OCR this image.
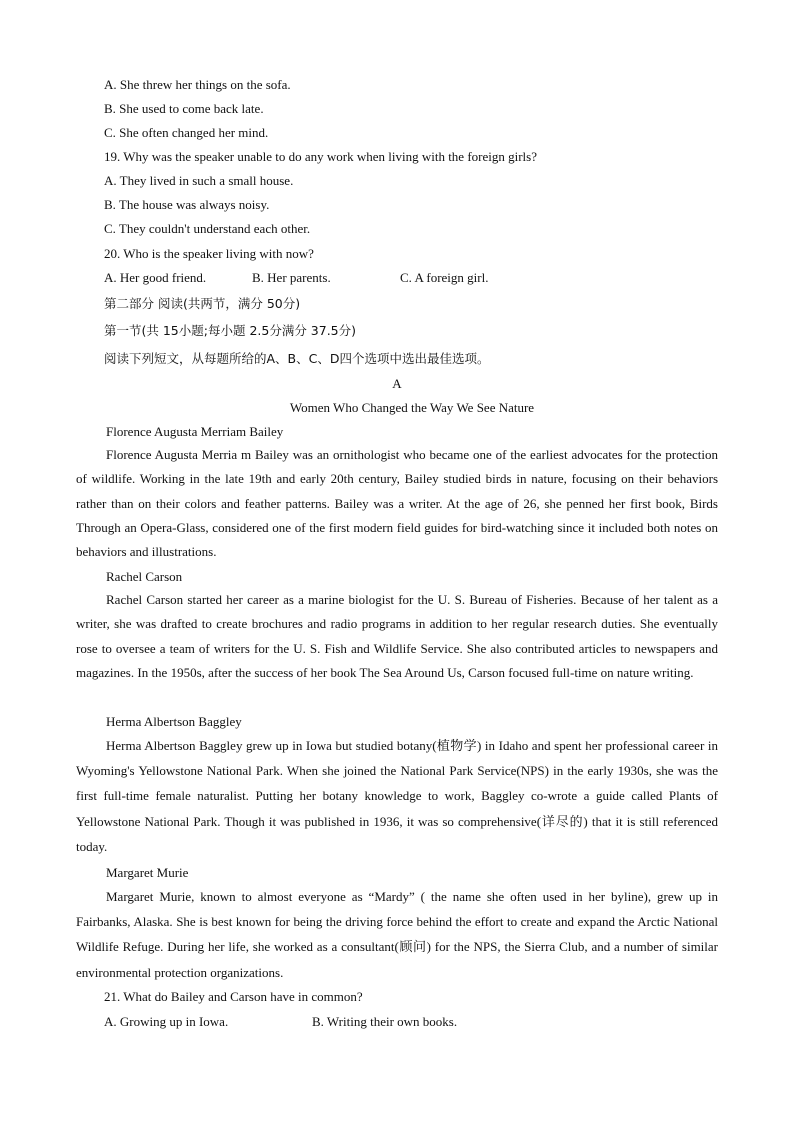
A. She threw her things on the sofa.
B. She used to come back late.
C. She often changed her mind.
19. Why was the speaker unable to do any work when living with the foreign girls?
A. They lived in such a small house.
B. The house was always noisy.
C. They couldn't understand each other.
20. Who is the speaker living with now?
A. Her good friend.	B. Her parents.	C. A foreign girl.
第二部分 阅读(共两节，满分 50分)
第一节(共 15小题;每小题 2.5分满分 37.5分)
阅读下列短文，从每题所给的A、B、C、D四个选项中选出最佳选项。
A
Women Who Changed the Way We See Nature
Florence Augusta Merriam Bailey

Florence Augusta Merria m Bailey was an ornithologist who became one of the earliest advocates for the protection of wildlife. Working in the late 19th and early 20th century, Bailey studied birds in nature, focusing on their behaviors rather than on their colors and feather patterns. Bailey was a writer. At the age of 26, she penned her first book, Birds Through an Opera-Glass, considered one of the first modern field guides for bird-watching since it included both notes on behaviors and illustrations.

Rachel Carson

Rachel Carson started her career as a marine biologist for the U. S. Bureau of Fisheries. Because of her talent as a writer, she was drafted to create brochures and radio programs in addition to her regular research duties. She eventually rose to oversee a team of writers for the U. S. Fish and Wildlife Service. She also contributed articles to newspapers and magazines. In the 1950s, after the success of her book The Sea Around Us, Carson focused full-time on nature writing.

Herma Albertson Baggley

Herma Albertson Baggley grew up in Iowa but studied botany(植物学) in Idaho and spent her professional career in Wyoming's Yellowstone National Park. When she joined the National Park Service(NPS) in the early 1930s, she was the first full-time female naturalist. Putting her botany knowledge to work, Baggley co-wrote a guide called Plants of Yellowstone National Park. Though it was published in 1936, it was so comprehensive(详尽的) that it is still referenced today.

Margaret Murie

Margaret Murie, known to almost everyone as “Mardy” ( the name she often used in her byline), grew up in Fairbanks, Alaska. She is best known for being the driving force behind the effort to create and expand the Arctic National Wildlife Refuge. During her life, she worked as a consultant(顾问) for the NPS, the Sierra Club, and a number of similar environmental protection organizations.

21. What do Bailey and Carson have in common?
A. Growing up in Iowa.	B. Writing their own books.
